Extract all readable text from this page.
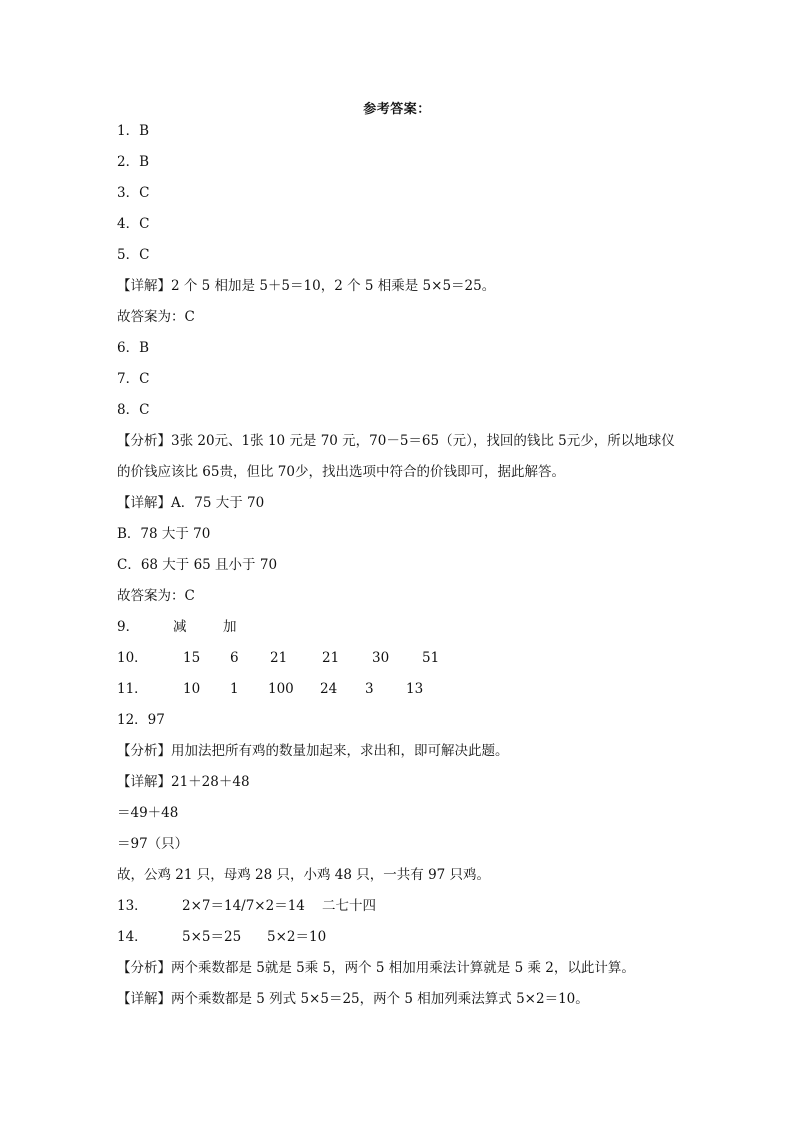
参考答案：
1．B
2．B
3．C
4．C
5．C
【详解】2 个 5 相加是 5＋5＝10，2 个 5 相乘是 5×5＝25。
故答案为：C
6．B
7．C
8．C
【分析】3张 20元、1张 10 元是 70 元，70－5＝65（元），找回的钱比 5元少，所以地球仪的价钱应该比 65贵，但比 70少，找出选项中符合的价钱即可，据此解答。
【详解】A．75 大于 70
B．78 大于 70
C．68 大于 65 且小于 70
故答案为：C
9．	减	加
10．	15 6 21	21 30 51
11．	10 1 100 24 3 13
12．97
【分析】用加法把所有鸡的数量加起来，求出和，即可解决此题。
【详解】21＋28＋48
＝49＋48
＝97（只）
故，公鸡 21 只，母鸡 28 只，小鸡 48 只，一共有 97 只鸡。
13．	2×7＝14/7×2＝14 二七十四
14．	5×5＝25 5×2＝10
【分析】两个乘数都是 5就是 5乘 5，两个 5 相加用乘法计算就是 5 乘 2，以此计算。
【详解】两个乘数都是 5 列式 5×5＝25，两个 5 相加列乘法算式 5×2＝10。
